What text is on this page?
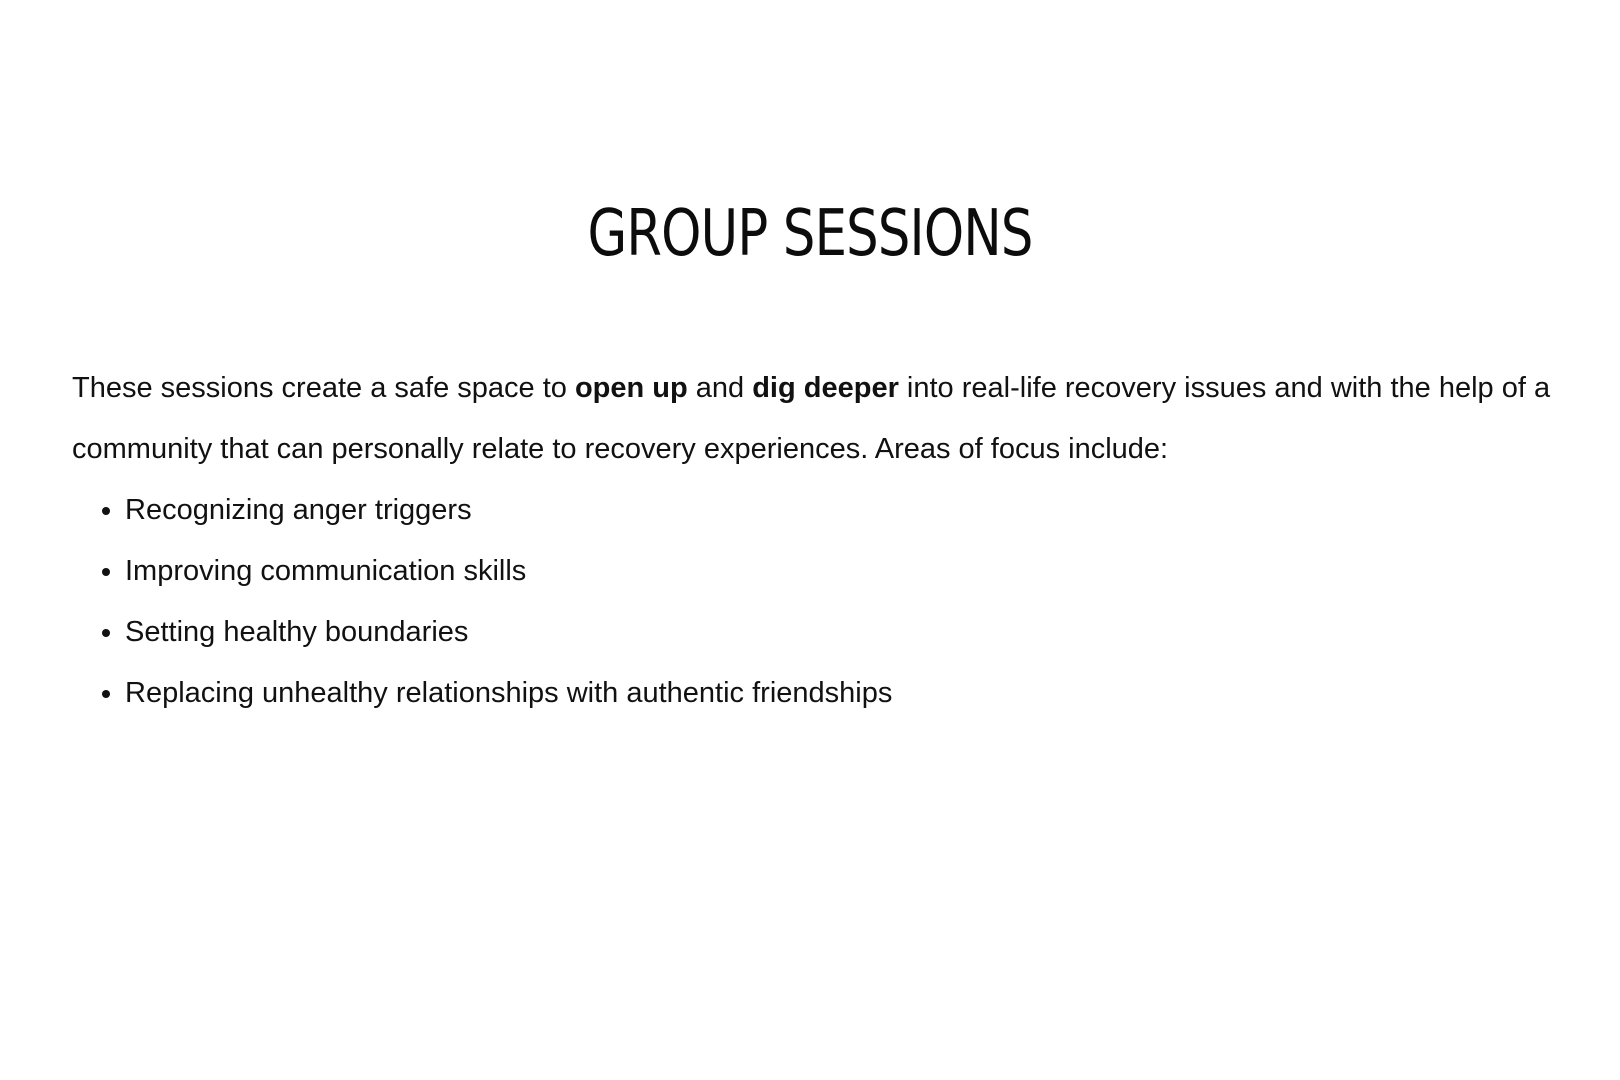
GROUP SESSIONS

These sessions create a safe space to open up and dig deeper into real-life recovery issues and with the help of a community that can personally relate to recovery experiences. Areas of focus include:

• Recognizing anger triggers
• Improving communication skills
• Setting healthy boundaries
• Replacing unhealthy relationships with authentic friendships
